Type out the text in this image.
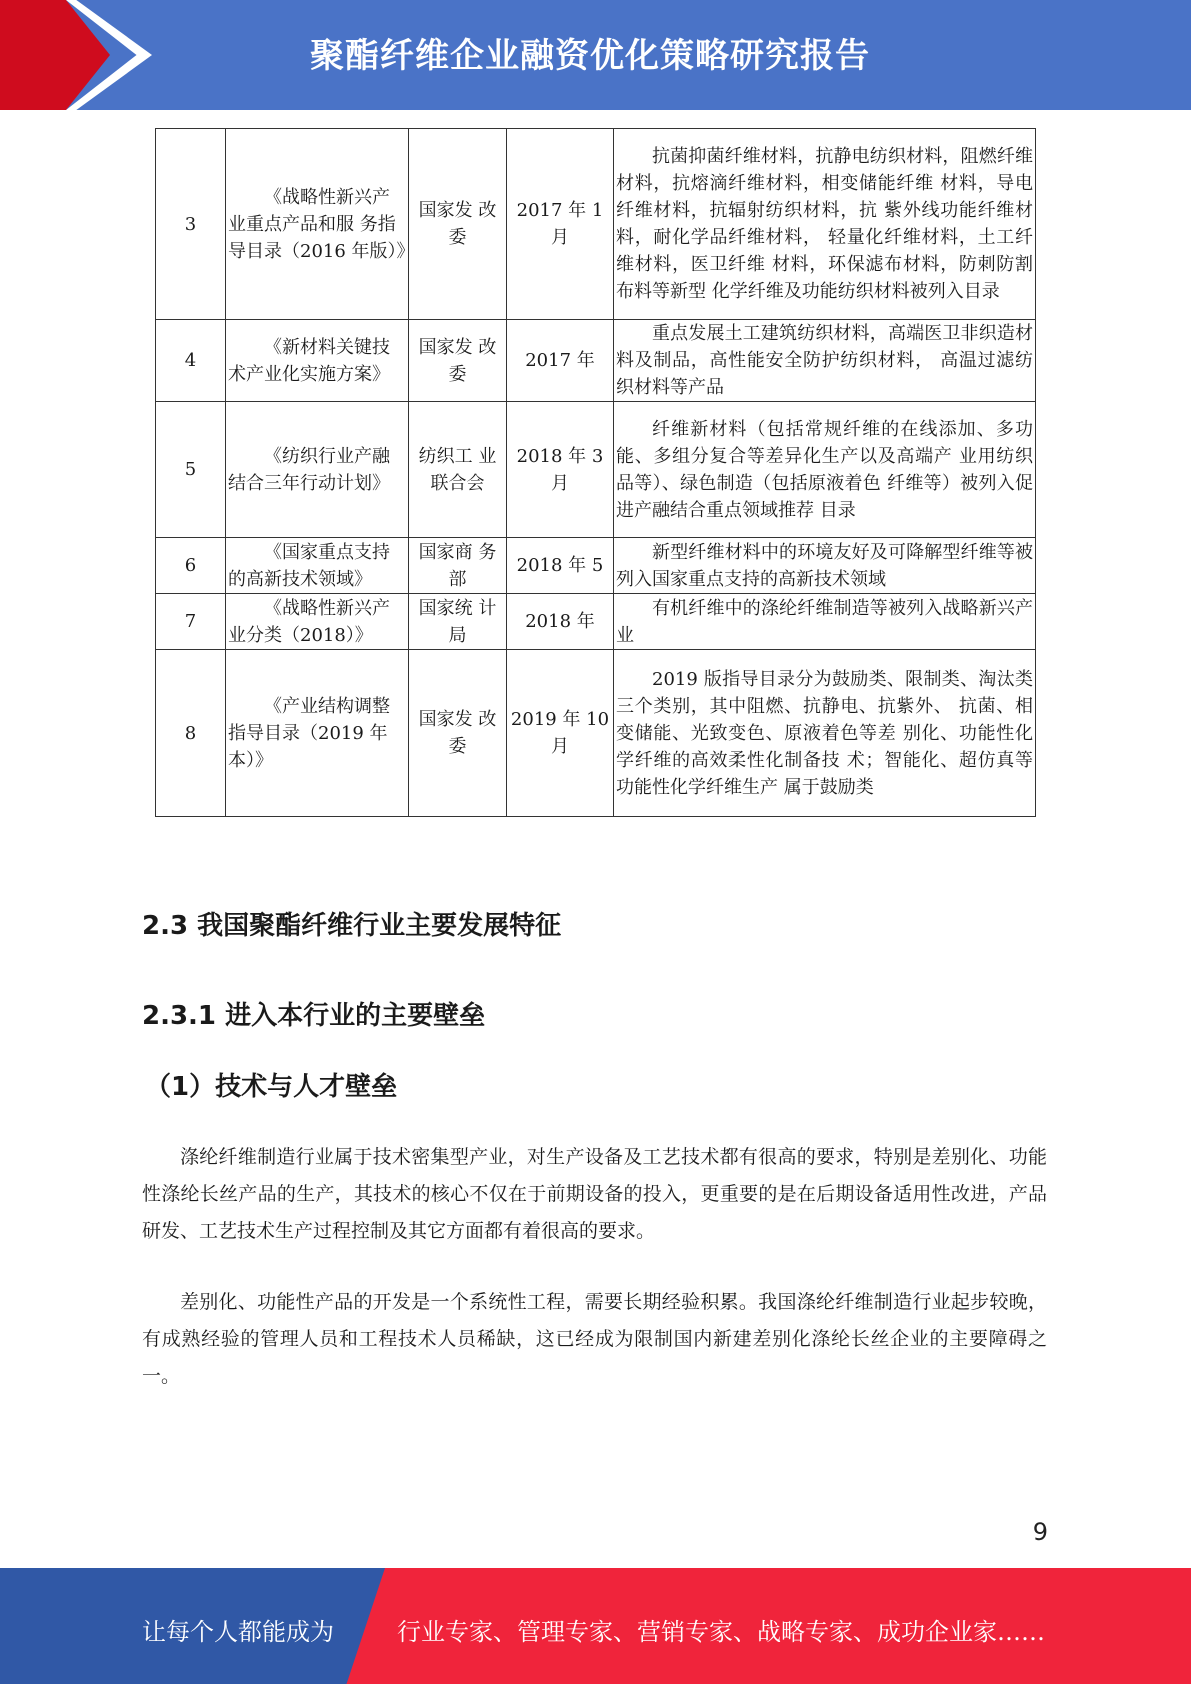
聚酯纤维企业融资优化策略研究报告
3	《战略性新兴产业重点产品和服 务指导目录（2016 年版）》	国家发 改委	2017 年 1 月	抗菌抑菌纤维材料，抗静电纺织材料，阻燃纤维材料，抗熔滴纤维材料，相变储能纤维 材料，导电纤维材料，抗辐射纺织材料，抗 紫外线功能纤维材料，耐化学品纤维材料， 轻量化纤维材料，土工纤维材料，医卫纤维 材料，环保滤布材料，防刺防割布料等新型 化学纤维及功能纺织材料被列入目录
4	《新材料关键技术产业化实施方案》	国家发 改委	2017 年	重点发展土工建筑纺织材料，高端医卫非织造材料及制品，高性能安全防护纺织材料， 高温过滤纺织材料等产品
5	《纺织行业产融结合三年行动计划》	纺织工 业联合会	2018 年 3 月	纤维新材料（包括常规纤维的在线添加、多功能、多组分复合等差异化生产以及高端产 业用纺织品等）、绿色制造（包括原液着色 纤维等）被列入促进产融结合重点领域推荐 目录
6	《国家重点支持的高新技术领域》	国家商 务部	2018 年 5	新型纤维材料中的环境友好及可降解型纤维等被列入国家重点支持的高新技术领域
7	《战略性新兴产业分类（2018）》	国家统 计局	2018 年	有机纤维中的涤纶纤维制造等被列入战略新兴产业
8	《产业结构调整指导目录（2019 年本）》	国家发 改委	2019 年 10 月	2019 版指导目录分为鼓励类、限制类、淘汰类三个类别，其中阻燃、抗静电、抗紫外、 抗菌、相变储能、光致变色、原液着色等差 别化、功能性化学纤维的高效柔性化制备技 术；智能化、超仿真等功能性化学纤维生产 属于鼓励类
2.3 我国聚酯纤维行业主要发展特征
2.3.1 进入本行业的主要壁垒
（1）技术与人才壁垒

涤纶纤维制造行业属于技术密集型产业，对生产设备及工艺技术都有很高的要求，特别是差别化、功能性涤纶长丝产品的生产，其技术的核心不仅在于前期设备的投入，更重要的是在后期设备适用性改进，产品研发、工艺技术生产过程控制及其它方面都有着很高的要求。

差别化、功能性产品的开发是一个系统性工程，需要长期经验积累。我国涤纶纤维制造行业起步较晚，有成熟经验的管理人员和工程技术人员稀缺，这已经成为限制国内新建差别化涤纶长丝企业的主要障碍之一。

9
让每个人都能成为	行业专家、管理专家、营销专家、战略专家、成功企业家……
